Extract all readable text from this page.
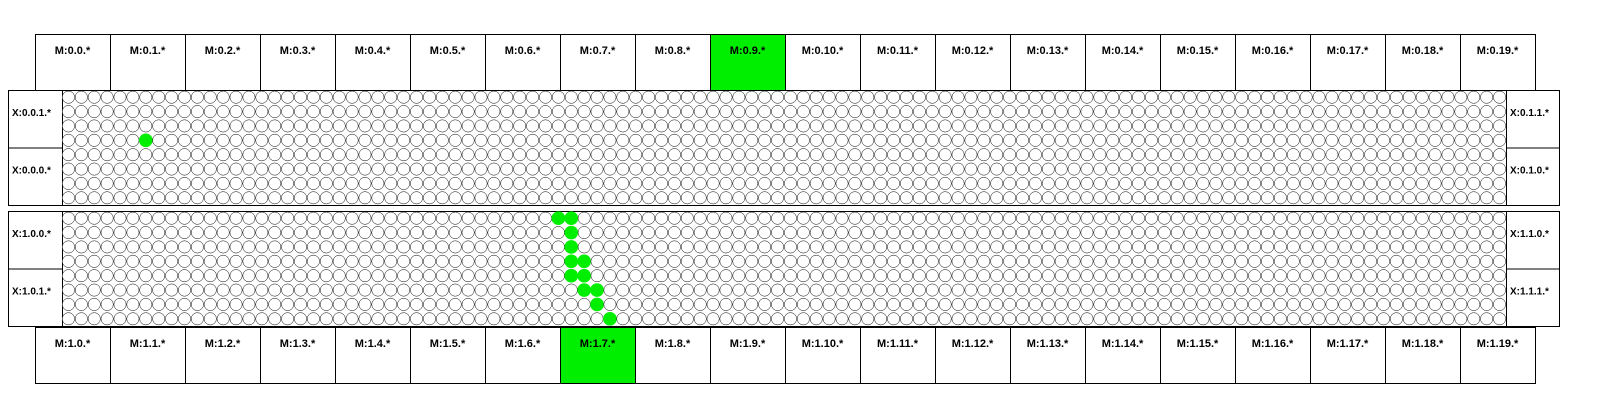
M:0.0.*	M:0.1.*	M:0.2.*	M:0.3.*	M:0.4.*	M:0.5.*	M:0.6.*	M:0.7.*	M:0.8.*	M:0.9.*	M:0.10.*	M:0.11.*	M:0.12.*	M:0.13.*	M:0.14.*	M:0.15.*	M:0.16.*	M:0.17.*	M:0.18.*	M:0.19.*
X:0.0.1.*
X:0.0.0.*
X:0.1.1.*
X:0.1.0.*
X:1.0.0.*
X:1.0.1.*
X:1.1.0.*
X:1.1.1.*
M:1.0.*	M:1.1.*	M:1.2.*	M:1.3.*	M:1.4.*	M:1.5.*	M:1.6.*	M:1.7.*	M:1.8.*	M:1.9.*	M:1.10.*	M:1.11.*	M:1.12.*	M:1.13.*	M:1.14.*	M:1.15.*	M:1.16.*	M:1.17.*	M:1.18.*	M:1.19.*
